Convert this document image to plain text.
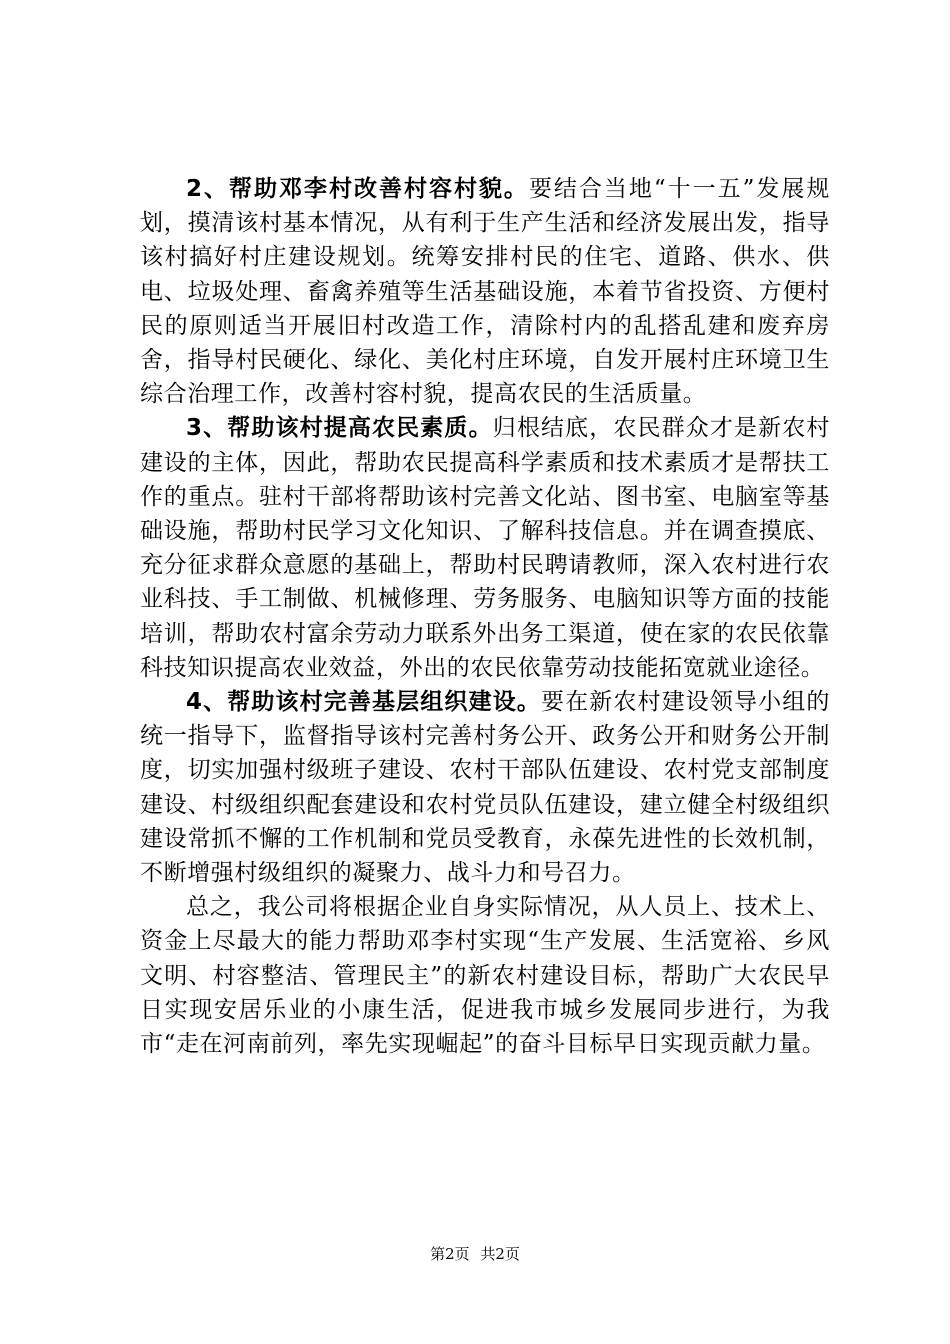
2、帮助邓李村改善村容村貌。要结合当地“十一五”发展规划，摸清该村基本情况，从有利于生产生活和经济发展出发，指导该村搞好村庄建设规划。统筹安排村民的住宅、道路、供水、供电、垃圾处理、畜禽养殖等生活基础设施，本着节省投资、方便村民的原则适当开展旧村改造工作，清除村内的乱搭乱建和废弃房舍，指导村民硬化、绿化、美化村庄环境，自发开展村庄环境卫生综合治理工作，改善村容村貌，提高农民的生活质量。

3、帮助该村提高农民素质。归根结底，农民群众才是新农村建设的主体，因此，帮助农民提高科学素质和技术素质才是帮扶工作的重点。驻村干部将帮助该村完善文化站、图书室、电脑室等基础设施，帮助村民学习文化知识、了解科技信息。并在调查摸底、充分征求群众意愿的基础上，帮助村民聘请教师，深入农村进行农业科技、手工制做、机械修理、劳务服务、电脑知识等方面的技能培训，帮助农村富余劳动力联系外出务工渠道，使在家的农民依靠科技知识提高农业效益，外出的农民依靠劳动技能拓宽就业途径。

4、帮助该村完善基层组织建设。要在新农村建设领导小组的统一指导下，监督指导该村完善村务公开、政务公开和财务公开制度，切实加强村级班子建设、农村干部队伍建设、农村党支部制度建设、村级组织配套建设和农村党员队伍建设，建立健全村级组织建设常抓不懈的工作机制和党员受教育，永葆先进性的长效机制，不断增强村级组织的凝聚力、战斗力和号召力。

总之，我公司将根据企业自身实际情况，从人员上、技术上、资金上尽最大的能力帮助邓李村实现“生产发展、生活宽裕、乡风文明、村容整洁、管理民主”的新农村建设目标，帮助广大农民早日实现安居乐业的小康生活，促进我市城乡发展同步进行，为我市“走在河南前列，率先实现崛起”的奋斗目标早日实现贡献力量。

第2页 共2页
